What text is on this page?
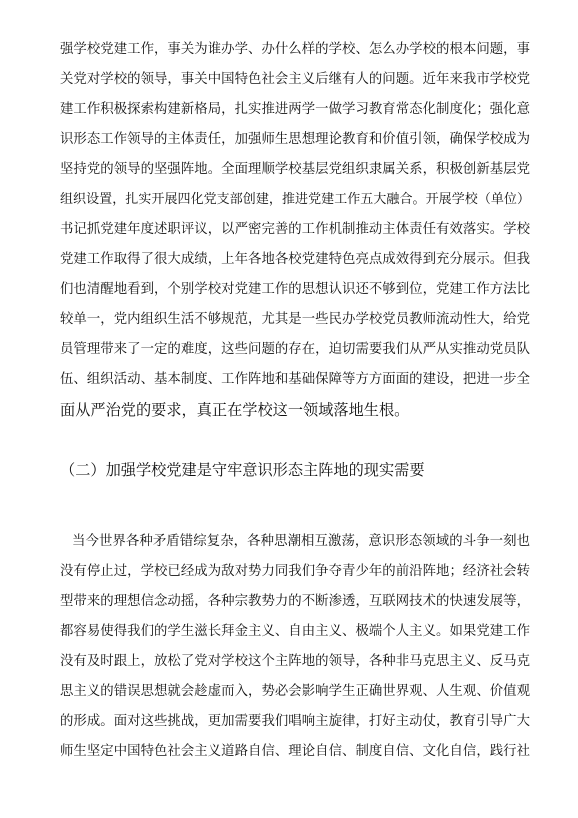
强学校党建工作，事关为谁办学、办什么样的学校、怎么办学校的根本问题，事
关党对学校的领导，事关中国特色社会主义后继有人的问题。近年来我市学校党
建工作积极探索构建新格局，扎实推进两学一做学习教育常态化制度化；强化意
识形态工作领导的主体责任，加强师生思想理论教育和价值引领，确保学校成为
坚持党的领导的坚强阵地。全面理顺学校基层党组织隶属关系，积极创新基层党
组织设置，扎实开展四化党支部创建，推进党建工作五大融合。开展学校（单位）
书记抓党建年度述职评议，以严密完善的工作机制推动主体责任有效落实。学校
党建工作取得了很大成绩，上年各地各校党建特色亮点成效得到充分展示。但我
们也清醒地看到，个别学校对党建工作的思想认识还不够到位，党建工作方法比
较单一，党内组织生活不够规范，尤其是一些民办学校党员教师流动性大，给党
员管理带来了一定的难度，这些问题的存在，迫切需要我们从严从实推动党员队
伍、组织活动、基本制度、工作阵地和基础保障等方方面面的建设，把进一步全
面从严治党的要求，真正在学校这一领域落地生根。
（二）加强学校党建是守牢意识形态主阵地的现实需要
当今世界各种矛盾错综复杂，各种思潮相互激荡，意识形态领域的斗争一刻也
没有停止过，学校已经成为敌对势力同我们争夺青少年的前沿阵地；经济社会转
型带来的理想信念动摇，各种宗教势力的不断渗透，互联网技术的快速发展等，
都容易使得我们的学生滋长拜金主义、自由主义、极端个人主义。如果党建工作
没有及时跟上，放松了党对学校这个主阵地的领导，各种非马克思主义、反马克
思主义的错误思想就会趁虚而入，势必会影响学生正确世界观、人生观、价值观
的形成。面对这些挑战，更加需要我们唱响主旋律，打好主动仗，教育引导广大
师生坚定中国特色社会主义道路自信、理论自信、制度自信、文化自信，践行社
